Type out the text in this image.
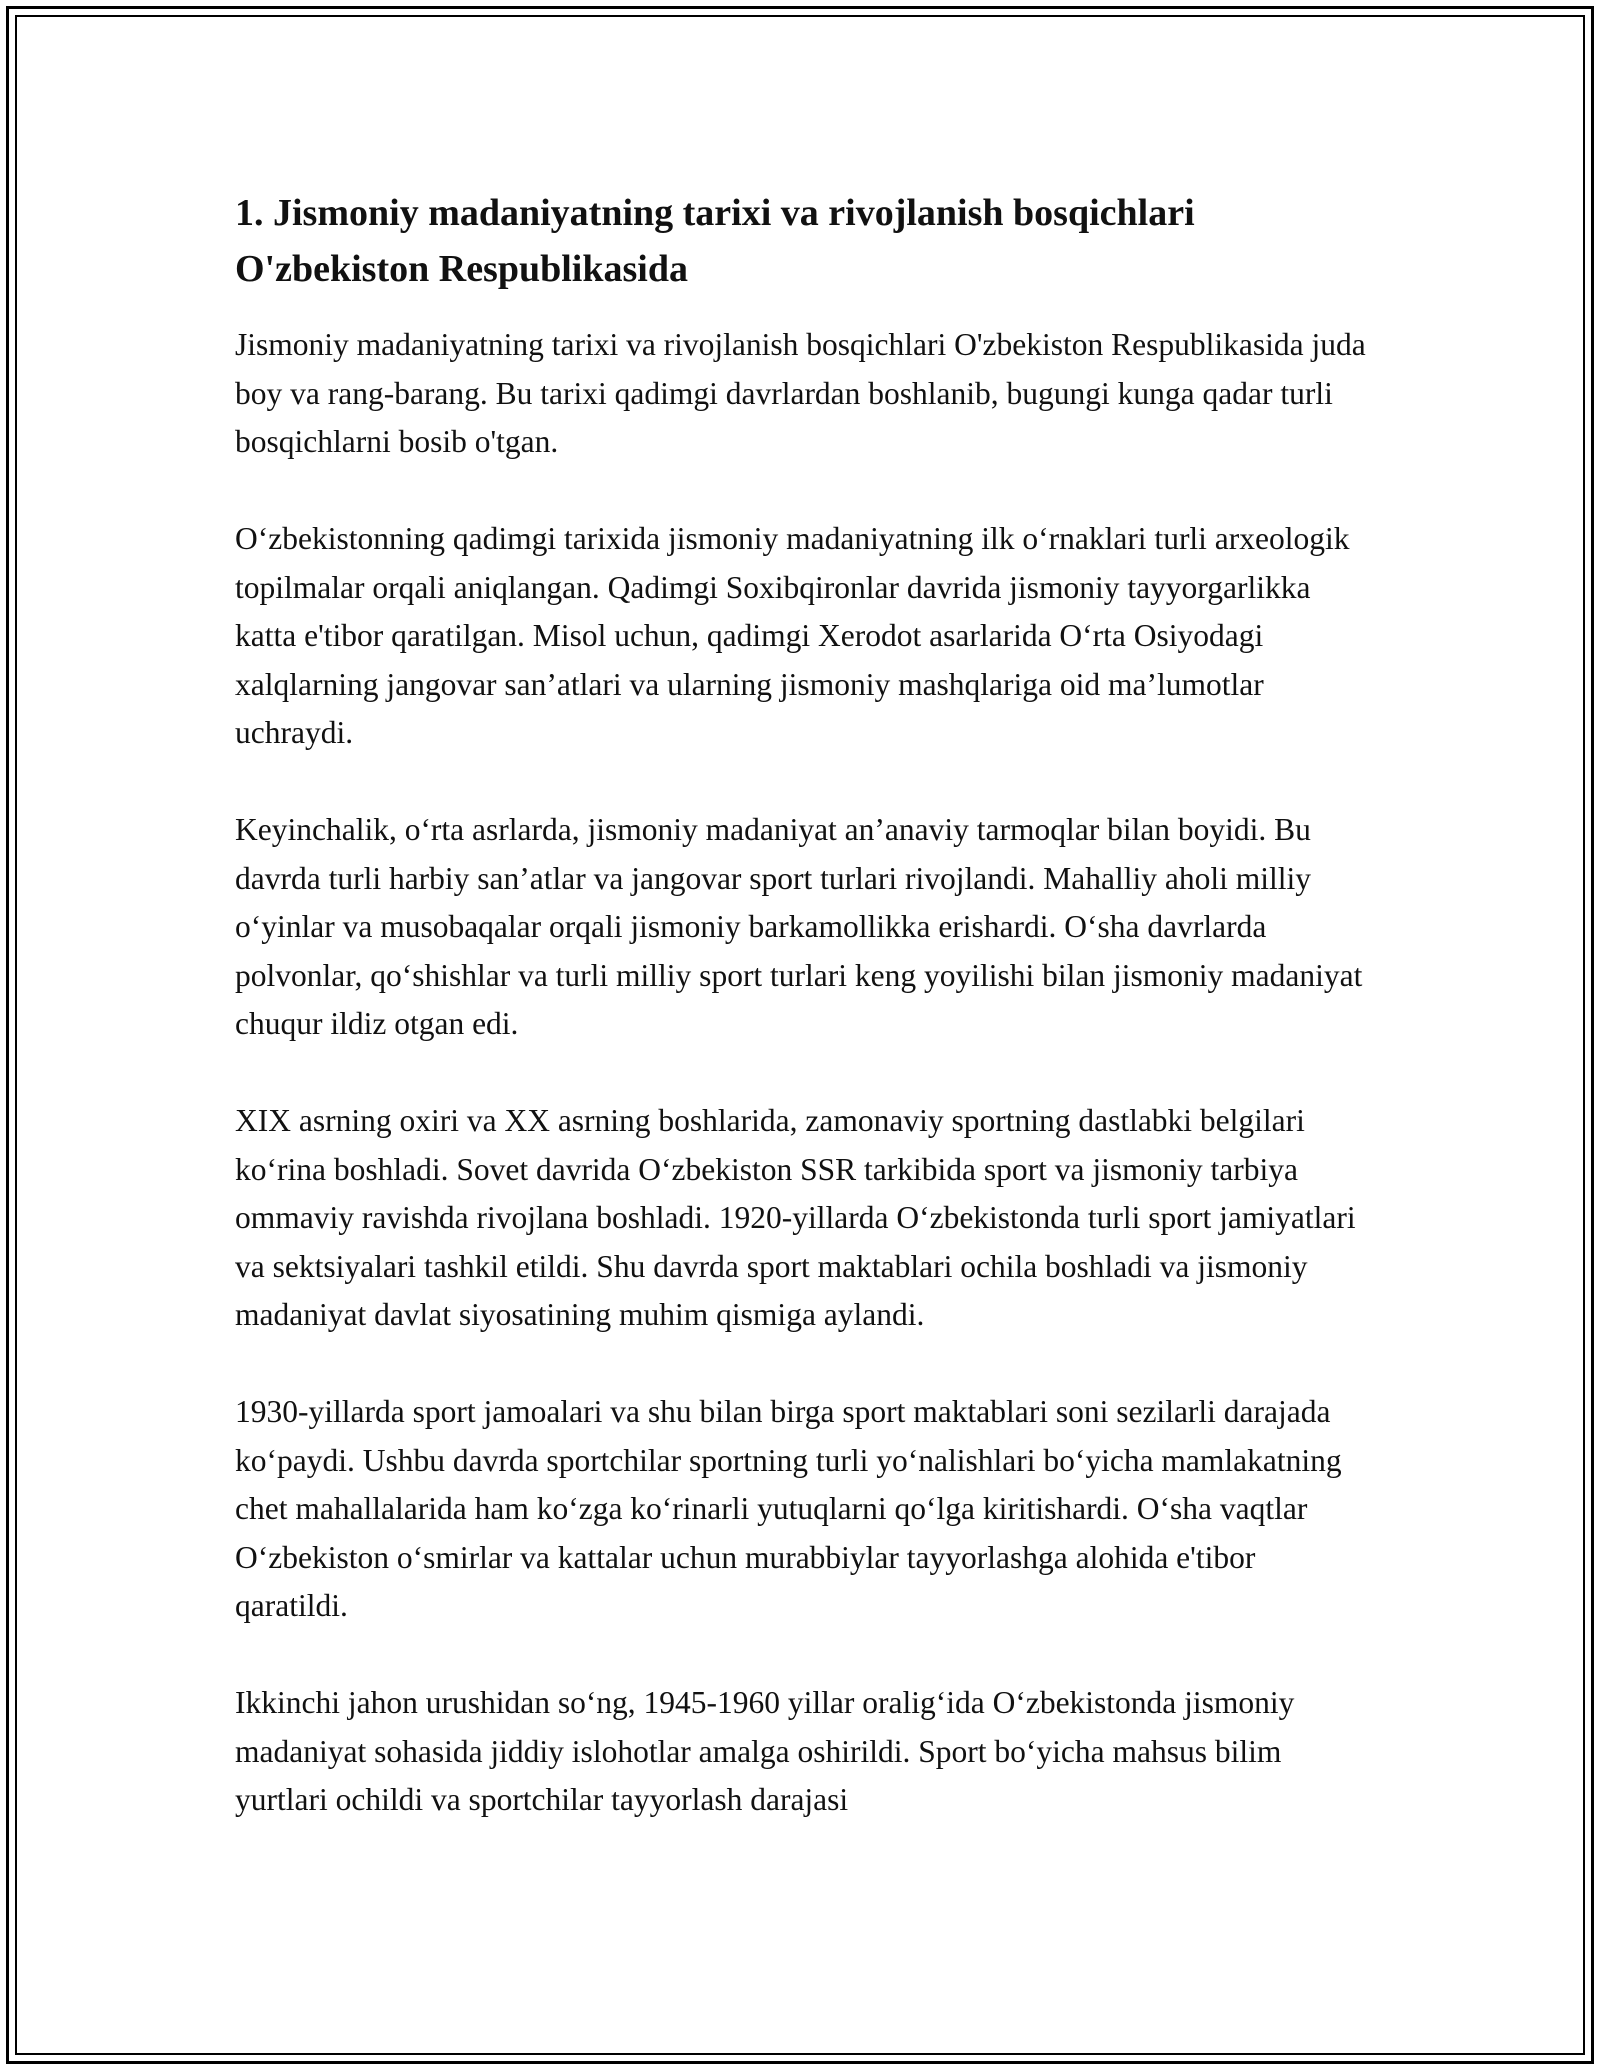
1. Jismoniy madaniyatning tarixi va rivojlanish bosqichlari O'zbekiston Respublikasida

Jismoniy madaniyatning tarixi va rivojlanish bosqichlari O'zbekiston Respublikasida juda boy va rang-barang. Bu tarixi qadimgi davrlardan boshlanib, bugungi kunga qadar turli bosqichlarni bosib o'tgan.

O‘zbekistonning qadimgi tarixida jismoniy madaniyatning ilk o‘rnaklari turli arxeologik topilmalar orqali aniqlangan. Qadimgi Soxibqironlar davrida jismoniy tayyorgarlikka katta e'tibor qaratilgan. Misol uchun, qadimgi Xerodot asarlarida O‘rta Osiyodagi xalqlarning jangovar san’atlari va ularning jismoniy mashqlariga oid ma’lumotlar uchraydi.

Keyinchalik, o‘rta asrlarda, jismoniy madaniyat an’anaviy tarmoqlar bilan boyidi. Bu davrda turli harbiy san’atlar va jangovar sport turlari rivojlandi. Mahalliy aholi milliy o‘yinlar va musobaqalar orqali jismoniy barkamollikka erishardi. O‘sha davrlarda polvonlar, qo‘shishlar va turli milliy sport turlari keng yoyilishi bilan jismoniy madaniyat chuqur ildiz otgan edi.

XIX asrning oxiri va XX asrning boshlarida, zamonaviy sportning dastlabki belgilari ko‘rina boshladi. Sovet davrida O‘zbekiston SSR tarkibida sport va jismoniy tarbiya ommaviy ravishda rivojlana boshladi. 1920-yillarda O‘zbekistonda turli sport jamiyatlari va sektsiyalari tashkil etildi. Shu davrda sport maktablari ochila boshladi va jismoniy madaniyat davlat siyosatining muhim qismiga aylandi.

1930-yillarda sport jamoalari va shu bilan birga sport maktablari soni sezilarli darajada ko‘paydi. Ushbu davrda sportchilar sportning turli yo‘nalishlari bo‘yicha mamlakatning chet mahallalarida ham ko‘zga ko‘rinarli yutuqlarni qo‘lga kiritishardi. O‘sha vaqtlar O‘zbekiston o‘smirlar va kattalar uchun murabbiylar tayyorlashga alohida e'tibor qaratildi.

Ikkinchi jahon urushidan so‘ng, 1945-1960 yillar oralig‘ida O‘zbekistonda jismoniy madaniyat sohasida jiddiy islohotlar amalga oshirildi. Sport bo‘yicha mahsus bilim yurtlari ochildi va sportchilar tayyorlash darajasi
